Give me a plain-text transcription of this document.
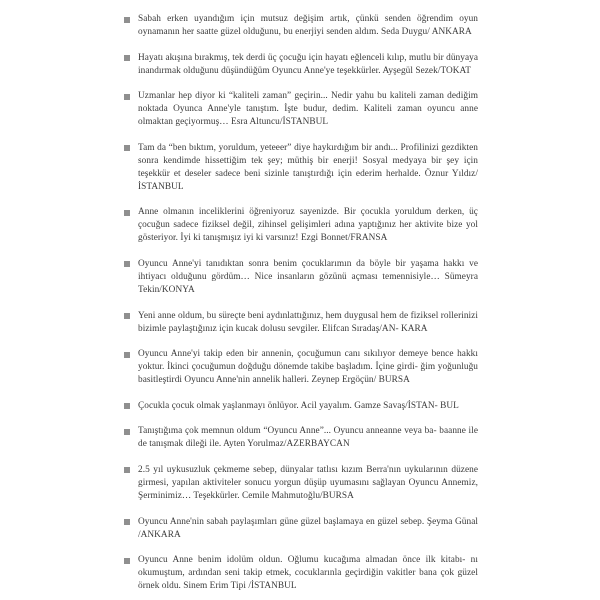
Sabah erken uyandığım için mutsuz değişim artık, çünkü senden öğrendim oyun oynamanın her saatte güzel olduğunu, bu enerjiyi senden aldım. Seda Duygu/ ANKARA
Hayatı akışına bırakmış, tek derdi üç çocuğu için hayatı eğlenceli kılıp, mutlu bir dünyaya inandırmak olduğunu düşündüğüm Oyuncu Anne'ye teşekkürler. Ayşegül Sezek/TOKAT
Uzmanlar hep diyor ki “kaliteli zaman” geçirin... Nedir yahu bu kaliteli zaman dediğim noktada Oyunca Anne'yle tanıştım. İşte budur, dedim. Kaliteli zaman oyuncu anne olmaktan geçiyormuş… Esra Altuncu/İSTANBUL
Tam da “ben bıktım, yoruldum, yeteeer” diye haykırdığım bir andı... Profilinizi gezdikten sonra kendimde hissettiğim tek şey; müthiş bir enerji! Sosyal medyaya bir şey için teşekkür et deseler sadece beni sizinle tanıştırdığı için ederim herhalde. Öznur Yıldız/İSTANBUL
Anne olmanın inceliklerini öğreniyoruz sayenizde. Bir çocukla yoruldum derken, üç çocuğun sadece fiziksel değil, zihinsel gelişimleri adına yaptığınız her aktivite bize yol gösteriyor. İyi ki tanışmışız iyi ki varsınız! Ezgi Bonnet/FRANSA
Oyuncu Anne'yi tanıdıktan sonra benim çocuklarımın da böyle bir yaşama hakkı ve ihtiyacı olduğunu gördüm… Nice insanların gözünü açması temennisiyle… Sümeyra Tekin/KONYA
Yeni anne oldum, bu süreçte beni aydınlattığınız, hem duygusal hem de fiziksel rollerinizi bizimle paylaştığınız için kucak dolusu sevgiler. Elifcan Sıradaş/AN- KARA
Oyuncu Anne'yi takip eden bir annenin, çocuğumun canı sıkılıyor demeye bence hakkı yoktur. İkinci çocuğumun doğduğu dönemde takibe başladım. İçine girdi- ğim yoğunluğu basitleştirdi Oyuncu Anne'nin annelik halleri. Zeynep Ergöçün/ BURSA
Çocukla çocuk olmak yaşlanmayı önlüyor. Acil yayalım. Gamze Savaş/İSTAN- BUL
Tanıştığıma çok memnun oldum “Oyuncu Anne”... Oyuncu anneanne veya ba- baanne ile de tanışmak dileği ile. Ayten Yorulmaz/AZERBAYCAN
2.5 yıl uykusuzluk çekmeme sebep, dünyalar tatlısı kızım Berra'nın uykularının düzene girmesi, yapılan aktiviteler sonucu yorgun düşüp uyumasını sağlayan Oyuncu Annemiz, Şerminimiz… Teşekkürler. Cemile Mahmutoğlu/BURSA
Oyuncu Anne'nin sabah paylaşımları güne güzel başlamaya en güzel sebep. Şeyma Günal /ANKARA
Oyuncu Anne benim idolüm oldun. Oğlumu kucağıma almadan önce ilk kitabı- nı okumuştum, ardından seni takip etmek, cocuklarınla geçirdiğin vakitler bana çok güzel örnek oldu. Sinem Erim Tipi /İSTANBUL
